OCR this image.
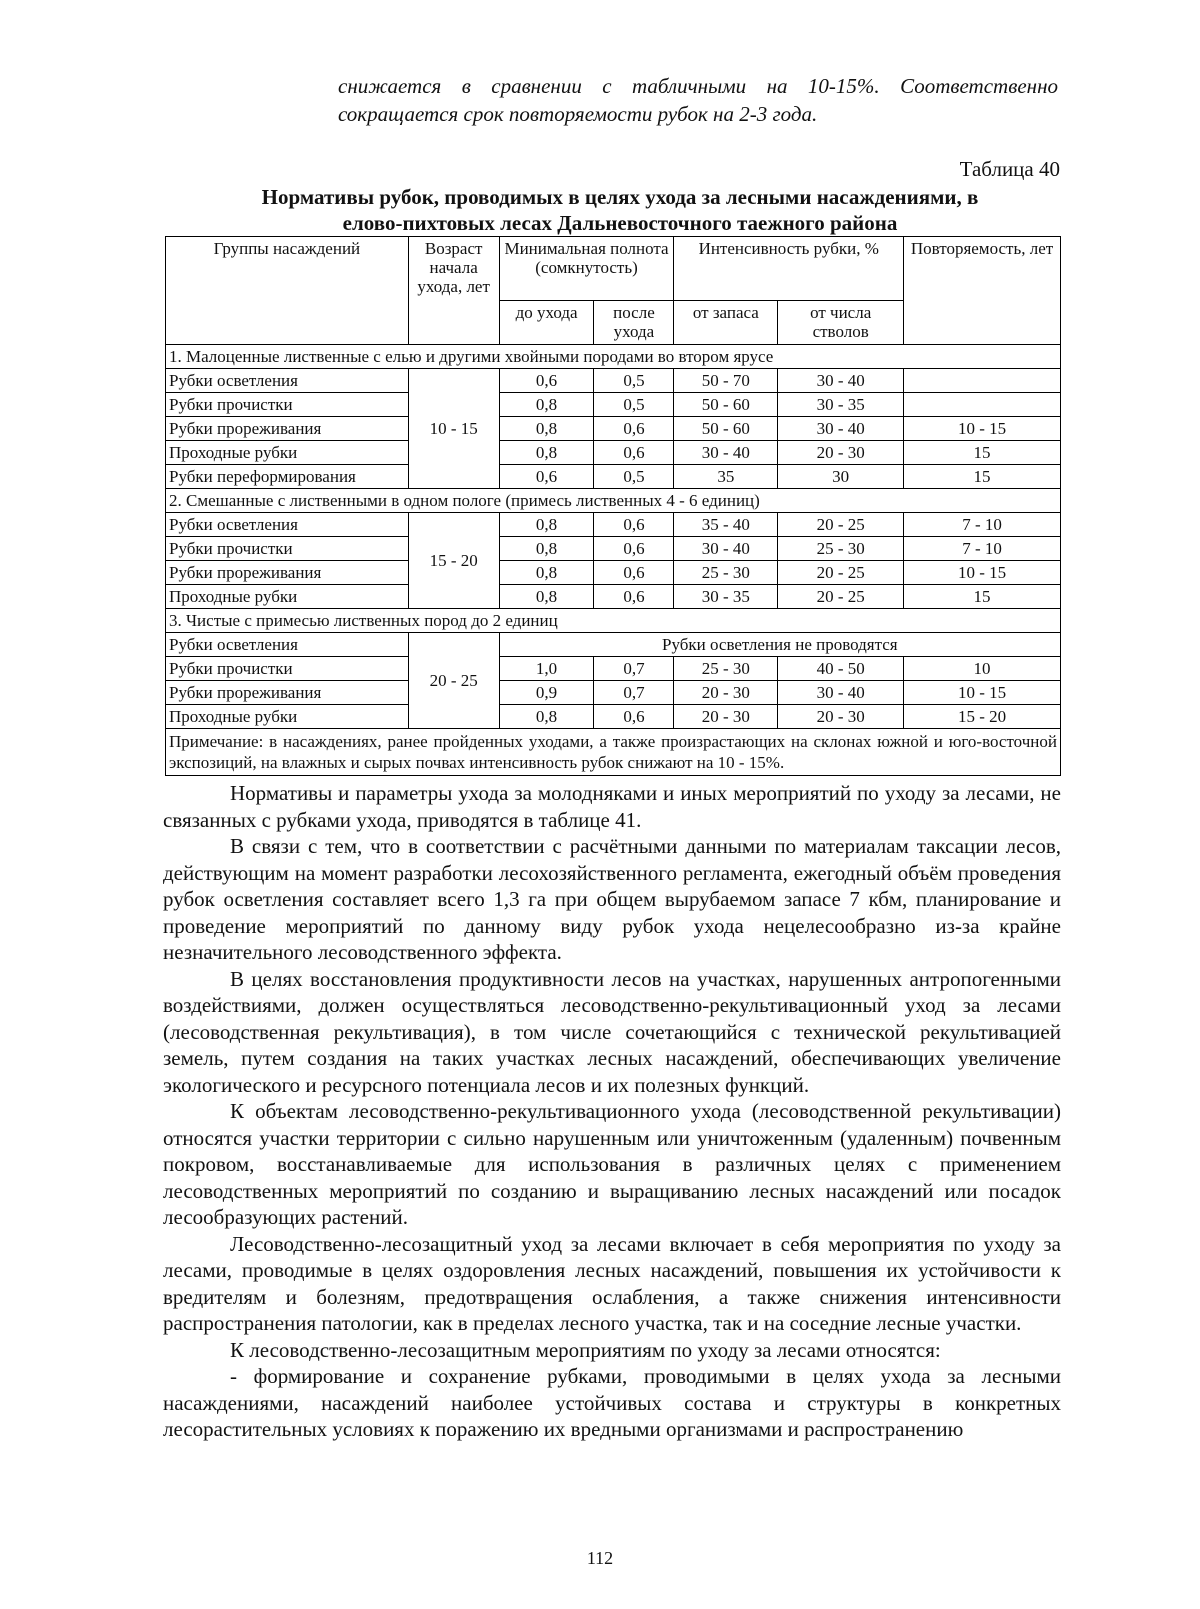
снижается в сравнении с табличными на 10-15%. Соответственно

сокращается срок повторяемости рубок на 2-3 года.

Таблица 40

Нормативы рубок, проводимых в целях ухода за лесными насаждениями, в

елово-пихтовых лесах Дальневосточного таежного района

Группы насаждений	Возраст начала ухода, лет	Минимальная полнота (сомкнутость)		Интенсивность рубки, %		Повторяемость, лет
		до ухода	после ухода	от запаса	от числа стволов	
1. Малоценные лиственные с елью и другими хвойными породами во втором ярусе						
Рубки осветления	10 - 15	0,6	0,5	50 - 70	30 - 40	
Рубки прочистки		0,8	0,5	50 - 60	30 - 35	
Рубки прореживания		0,8	0,6	50 - 60	30 - 40	10 - 15
Проходные рубки		0,8	0,6	30 - 40	20 - 30	15
Рубки переформирования		0,6	0,5	35	30	15
2. Смешанные с лиственными в одном пологе (примесь лиственных 4 - 6 единиц)						
Рубки осветления	15 - 20	0,8	0,6	35 - 40	20 - 25	7 - 10
Рубки прочистки		0,8	0,6	30 - 40	25 - 30	7 - 10
Рубки прореживания		0,8	0,6	25 - 30	20 - 25	10 - 15
Проходные рубки		0,8	0,6	30 - 35	20 - 25	15
3. Чистые с примесью лиственных пород до 2 единиц						
Рубки осветления	20 - 25	Рубки осветления не проводятся				
Рубки прочистки		1,0	0,7	25 - 30	40 - 50	10
Рубки прореживания		0,9	0,7	20 - 30	30 - 40	10 - 15
Проходные рубки		0,8	0,6	20 - 30	20 - 30	15 - 20
Примечание: в насаждениях, ранее пройденных уходами, а также произрастающих на склонах южной и юго-восточной экспозиций, на влажных и сырых почвах интенсивность рубок снижают на 10 - 15%.						

Нормативы и параметры ухода за молодняками и иных мероприятий по уходу за лесами, не связанных с рубками ухода, приводятся в таблице 41.

В связи с тем, что в соответствии с расчётными данными по материалам таксации лесов, действующим на момент разработки лесохозяйственного регламента, ежегодный объём проведения рубок осветления составляет всего 1,3 га при общем вырубаемом запасе 7 кбм, планирование и проведение мероприятий по данному виду рубок ухода нецелесообразно из-за крайне незначительного лесоводственного эффекта.

В целях восстановления продуктивности лесов на участках, нарушенных антропогенными воздействиями, должен осуществляться лесоводственно-рекультивационный уход за лесами (лесоводственная рекультивация), в том числе сочетающийся с технической рекультивацией земель, путем создания на таких участках лесных насаждений, обеспечивающих увеличение экологического и ресурсного потенциала лесов и их полезных функций.

К объектам лесоводственно-рекультивационного ухода (лесоводственной рекультивации) относятся участки территории с сильно нарушенным или уничтоженным (удаленным) почвенным покровом, восстанавливаемые для использования в различных целях с применением лесоводственных мероприятий по созданию и выращиванию лесных насаждений или посадок лесообразующих растений.

Лесоводственно-лесозащитный уход за лесами включает в себя мероприятия по уходу за лесами, проводимые в целях оздоровления лесных насаждений, повышения их устойчивости к вредителям и болезням, предотвращения ослабления, а также снижения интенсивности распространения патологии, как в пределах лесного участка, так и на соседние лесные участки.

К лесоводственно-лесозащитным мероприятиям по уходу за лесами относятся:

- формирование и сохранение рубками, проводимыми в целях ухода за лесными насаждениями, насаждений наиболее устойчивых состава и структуры в конкретных лесорастительных условиях к поражению их вредными организмами и распространению

112
